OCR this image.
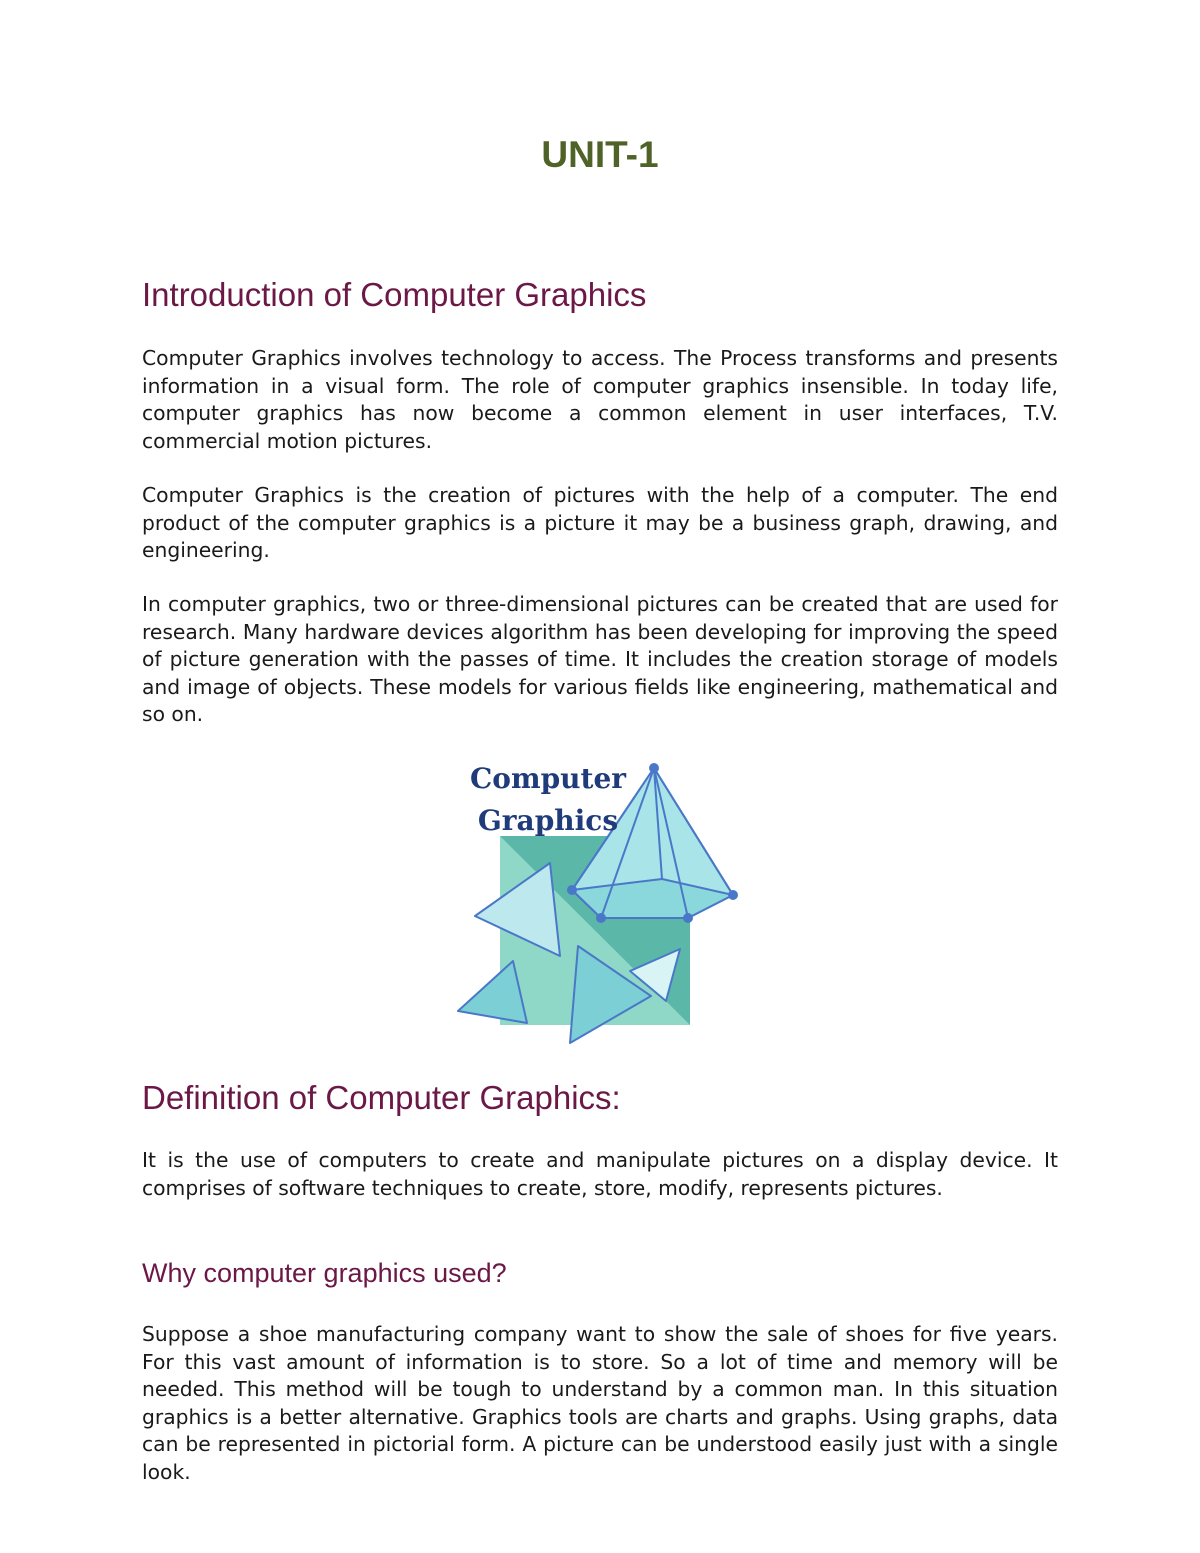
UNIT-1
Introduction of Computer Graphics

Computer Graphics involves technology to access. The Process transforms and presents information in a visual form. The role of computer graphics insensible. In today life, computer graphics has now become a common element in user interfaces, T.V. commercial motion pictures.

Computer Graphics is the creation of pictures with the help of a computer. The end product of the computer graphics is a picture it may be a business graph, drawing, and engineering.

In computer graphics, two or three-dimensional pictures can be created that are used for research. Many hardware devices algorithm has been developing for improving the speed of picture generation with the passes of time. It includes the creation storage of models and image of objects. These models for various fields like engineering, mathematical and so on.

Computer
Graphics
Definition of Computer Graphics:

It is the use of computers to create and manipulate pictures on a display device. It comprises of software techniques to create, store, modify, represents pictures.

Why computer graphics used?

Suppose a shoe manufacturing company want to show the sale of shoes for five years. For this vast amount of information is to store. So a lot of time and memory will be needed. This method will be tough to understand by a common man. In this situation graphics is a better alternative. Graphics tools are charts and graphs. Using graphs, data can be represented in pictorial form. A picture can be understood easily just with a single look.
